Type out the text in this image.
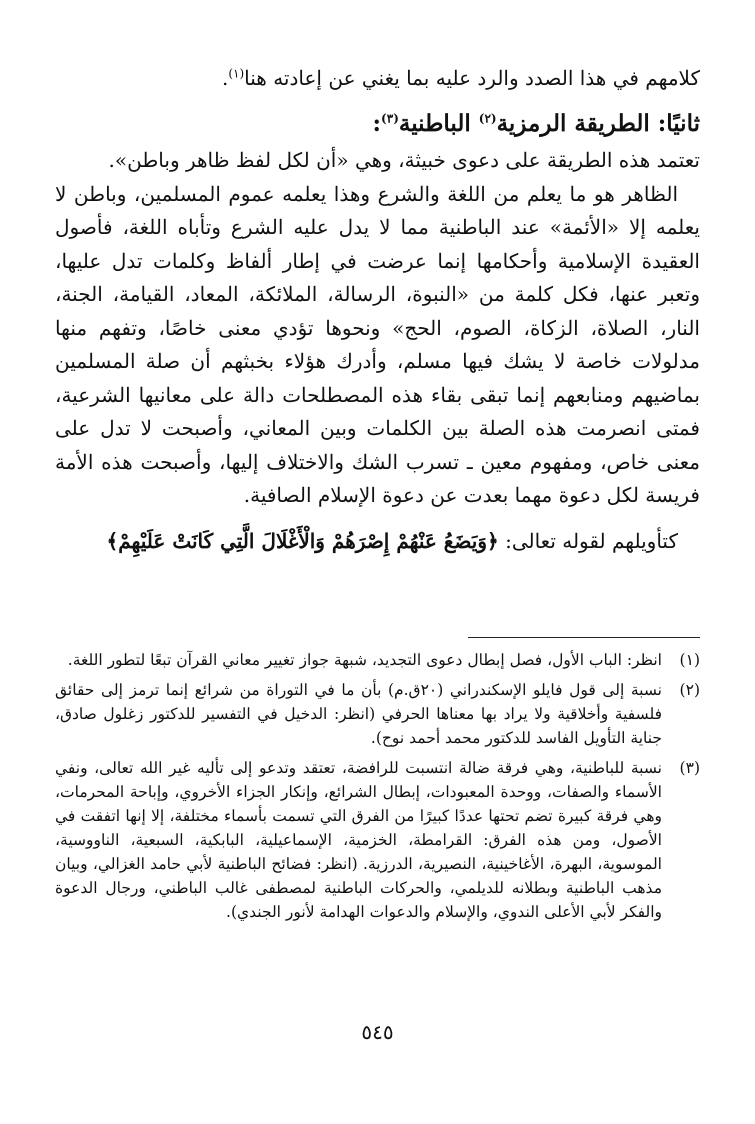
كلامهم في هذا الصدد والرد عليه بما يغني عن إعادته هنا$^{(١)}$.

ثانيًا: الطريقة الرمزية$^{(٢)}$ الباطنية$^{(٣)}$:

تعتمد هذه الطريقة على دعوى خبيثة، وهي «أن لكل لفظ ظاهر وباطن».

الظاهر هو ما يعلم من اللغة والشرع وهذا يعلمه عموم المسلمين، وباطن لا يعلمه إلا «الأئمة» عند الباطنية مما لا يدل عليه الشرع وتأباه اللغة، فأصول العقيدة الإسلامية وأحكامها إنما عرضت في إطار ألفاظ وكلمات تدل عليها، وتعبر عنها، فكل كلمة من «النبوة، الرسالة، الملائكة، المعاد، القيامة، الجنة، النار، الصلاة، الزكاة، الصوم، الحج» ونحوها تؤدي معنى خاصًا، وتفهم منها مدلولات خاصة لا يشك فيها مسلم، وأدرك هؤلاء بخبثهم أن صلة المسلمين بماضيهم ومنابعهم إنما تبقى بقاء هذه المصطلحات دالة على معانيها الشرعية، فمتى انصرمت هذه الصلة بين الكلمات وبين المعاني، وأصبحت لا تدل على معنى خاص، ومفهوم معين ـ تسرب الشك والاختلاف إليها، وأصبحت هذه الأمة فريسة لكل دعوة مهما بعدت عن دعوة الإسلام الصافية.

كتأويلهم لقوله تعالى: ﴿وَيَضَعُ عَنْهُمْ إِصْرَهُمْ وَالْأَغْلَالَ الَّتِي كَانَتْ عَلَيْهِمْ﴾

(١)
انظر: الباب الأول، فصل إبطال دعوى التجديد، شبهة جواز تغيير معاني القرآن تبعًا لتطور اللغة.
(٢)
نسبة إلى قول فايلو الإسكندراني (٢٠ق.م) بأن ما في التوراة من شرائع إنما ترمز إلى حقائق فلسفية وأخلاقية ولا يراد بها معناها الحرفي (انظر: الدخيل في التفسير للدكتور زغلول صادق، جناية التأويل الفاسد للدكتور محمد أحمد نوح).
(٣)
نسبة للباطنية، وهي فرقة ضالة انتسبت للرافضة، تعتقد وتدعو إلى تأليه غير الله تعالى، ونفي الأسماء والصفات، ووحدة المعبودات، إبطال الشرائع، وإنكار الجزاء الأخروي، وإباحة المحرمات، وهي فرقة كبيرة تضم تحتها عددًا كبيرًا من الفرق التي تسمت بأسماء مختلفة، إلا إنها اتفقت في الأصول، ومن هذه الفرق: القرامطة، الخزمية، الإسماعيلية، البابكية، السبعية، الناووسية، الموسوية، البهرة، الأغاخينية، النصيرية، الدرزية. (انظر: فضائح الباطنية لأبي حامد الغزالي، وبيان مذهب الباطنية وبطلانه للديلمي، والحركات الباطنية لمصطفى غالب الباطني، ورجال الدعوة والفكر لأبي الأعلى الندوي، والإسلام والدعوات الهدامة لأنور الجندي).
٥٤٥
